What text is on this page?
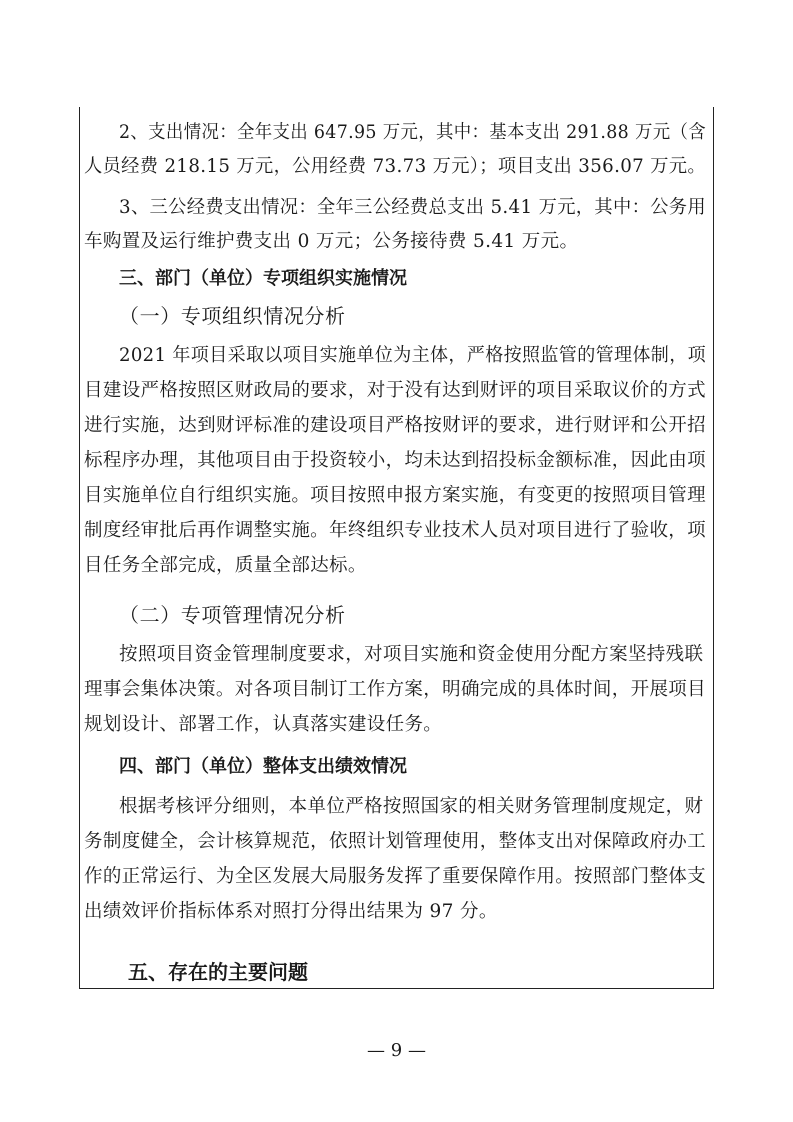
2、支出情况：全年支出 647.95 万元，其中：基本支出 291.88 万元（含
人员经费 218.15 万元，公用经费 73.73 万元）；项目支出 356.07 万元。
3、三公经费支出情况：全年三公经费总支出 5.41 万元，其中：公务用
车购置及运行维护费支出 0 万元；公务接待费 5.41 万元。
三、部门（单位）专项组织实施情况
（一）专项组织情况分析
2021 年项目采取以项目实施单位为主体，严格按照监管的管理体制，项
目建设严格按照区财政局的要求，对于没有达到财评的项目采取议价的方式
进行实施，达到财评标准的建设项目严格按财评的要求，进行财评和公开招
标程序办理，其他项目由于投资较小，均未达到招投标金额标准，因此由项
目实施单位自行组织实施。项目按照申报方案实施，有变更的按照项目管理
制度经审批后再作调整实施。年终组织专业技术人员对项目进行了验收，项
目任务全部完成，质量全部达标。
（二）专项管理情况分析
按照项目资金管理制度要求，对项目实施和资金使用分配方案坚持残联
理事会集体决策。对各项目制订工作方案，明确完成的具体时间，开展项目
规划设计、部署工作，认真落实建设任务。
四、部门（单位）整体支出绩效情况
根据考核评分细则，本单位严格按照国家的相关财务管理制度规定，财
务制度健全，会计核算规范，依照计划管理使用，整体支出对保障政府办工
作的正常运行、为全区发展大局服务发挥了重要保障作用。按照部门整体支
出绩效评价指标体系对照打分得出结果为 97 分。
五、存在的主要问题
— 9 —
